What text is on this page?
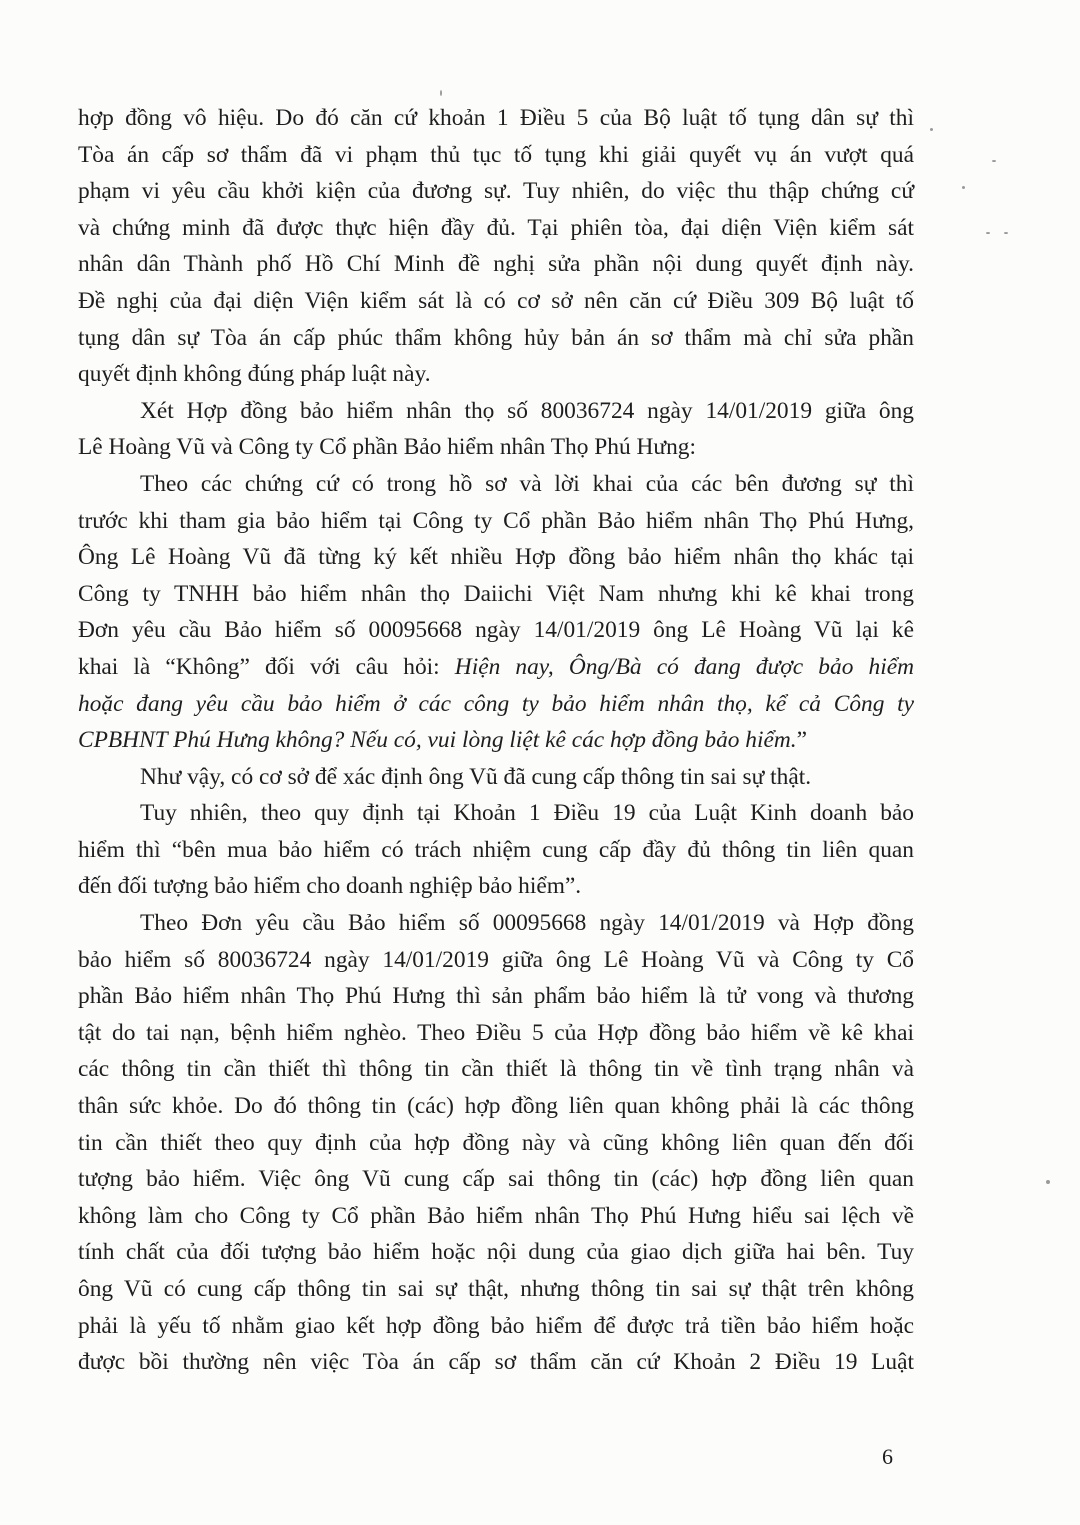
hợp đồng vô hiệu. Do đó căn cứ khoản 1 Điều 5 của Bộ luật tố tụng dân sự thì
Tòa án cấp sơ thẩm đã vi phạm thủ tục tố tụng khi giải quyết vụ án vượt quá
phạm vi yêu cầu khởi kiện của đương sự. Tuy nhiên, do việc thu thập chứng cứ
và chứng minh đã được thực hiện đầy đủ. Tại phiên tòa, đại diện Viện kiểm sát
nhân dân Thành phố Hồ Chí Minh đề nghị sửa phần nội dung quyết định này.
Đề nghị của đại diện Viện kiểm sát là có cơ sở nên căn cứ Điều 309 Bộ luật tố
tụng dân sự Tòa án cấp phúc thẩm không hủy bản án sơ thẩm mà chỉ sửa phần
quyết định không đúng pháp luật này.
Xét Hợp đồng bảo hiểm nhân thọ số 80036724 ngày 14/01/2019 giữa ông
Lê Hoàng Vũ và Công ty Cổ phần Bảo hiểm nhân Thọ Phú Hưng:
Theo các chứng cứ có trong hồ sơ và lời khai của các bên đương sự thì
trước khi tham gia bảo hiểm tại Công ty Cổ phần Bảo hiểm nhân Thọ Phú Hưng,
Ông Lê Hoàng Vũ đã từng ký kết nhiều Hợp đồng bảo hiểm nhân thọ khác tại
Công ty TNHH bảo hiểm nhân thọ Daiichi Việt Nam nhưng khi kê khai trong
Đơn yêu cầu Bảo hiểm số 00095668 ngày 14/01/2019 ông Lê Hoàng Vũ lại kê
khai là “Không” đối với câu hỏi: Hiện nay, Ông/Bà có đang được bảo hiểm
hoặc đang yêu cầu bảo hiểm ở các công ty bảo hiểm nhân thọ, kể cả Công ty
CPBHNT Phú Hưng không? Nếu có, vui lòng liệt kê các hợp đồng bảo hiểm.”
Như vậy, có cơ sở để xác định ông Vũ đã cung cấp thông tin sai sự thật.
Tuy nhiên, theo quy định tại Khoản 1 Điều 19 của Luật Kinh doanh bảo
hiểm thì “bên mua bảo hiểm có trách nhiệm cung cấp đầy đủ thông tin liên quan
đến đối tượng bảo hiểm cho doanh nghiệp bảo hiểm”.
Theo Đơn yêu cầu Bảo hiểm số 00095668 ngày 14/01/2019 và Hợp đồng
bảo hiểm số 80036724 ngày 14/01/2019 giữa ông Lê Hoàng Vũ và Công ty Cổ
phần Bảo hiểm nhân Thọ Phú Hưng thì sản phẩm bảo hiểm là tử vong và thương
tật do tai nạn, bệnh hiểm nghèo. Theo Điều 5 của Hợp đồng bảo hiểm về kê khai
các thông tin cần thiết thì thông tin cần thiết là thông tin về tình trạng nhân và
thân sức khỏe. Do đó thông tin (các) hợp đồng liên quan không phải là các thông
tin cần thiết theo quy định của hợp đồng này và cũng không liên quan đến đối
tượng bảo hiểm. Việc ông Vũ cung cấp sai thông tin (các) hợp đồng liên quan
không làm cho Công ty Cổ phần Bảo hiểm nhân Thọ Phú Hưng hiểu sai lệch về
tính chất của đối tượng bảo hiểm hoặc nội dung của giao dịch giữa hai bên. Tuy
ông Vũ có cung cấp thông tin sai sự thật, nhưng thông tin sai sự thật trên không
phải là yếu tố nhằm giao kết hợp đồng bảo hiểm để được trả tiền bảo hiểm hoặc
được bồi thường nên việc Tòa án cấp sơ thẩm căn cứ Khoản 2 Điều 19 Luật
6
